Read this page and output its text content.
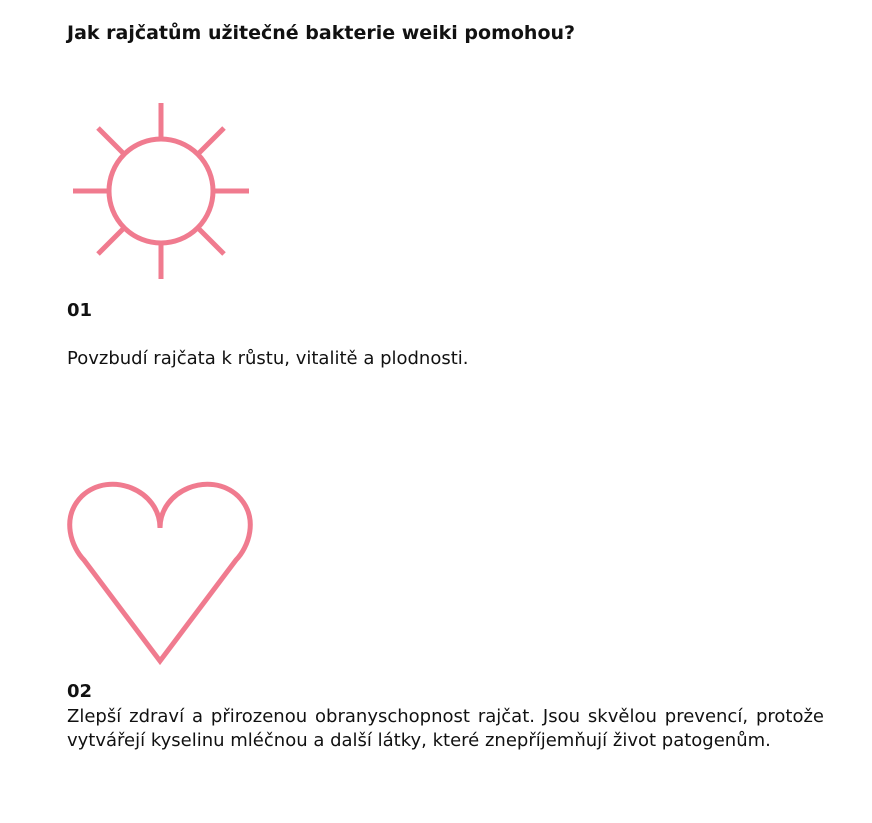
Jak rajčatům užitečné bakterie weiki pomohou?
01

Povzbudí rajčata k růstu, vitalitě a plodnosti.

02

Zlepší zdraví a přirozenou obranyschopnost rajčat. Jsou skvělou prevencí, protože vytvářejí kyselinu mléčnou a další látky, které znepříjemňují život patogenům.
